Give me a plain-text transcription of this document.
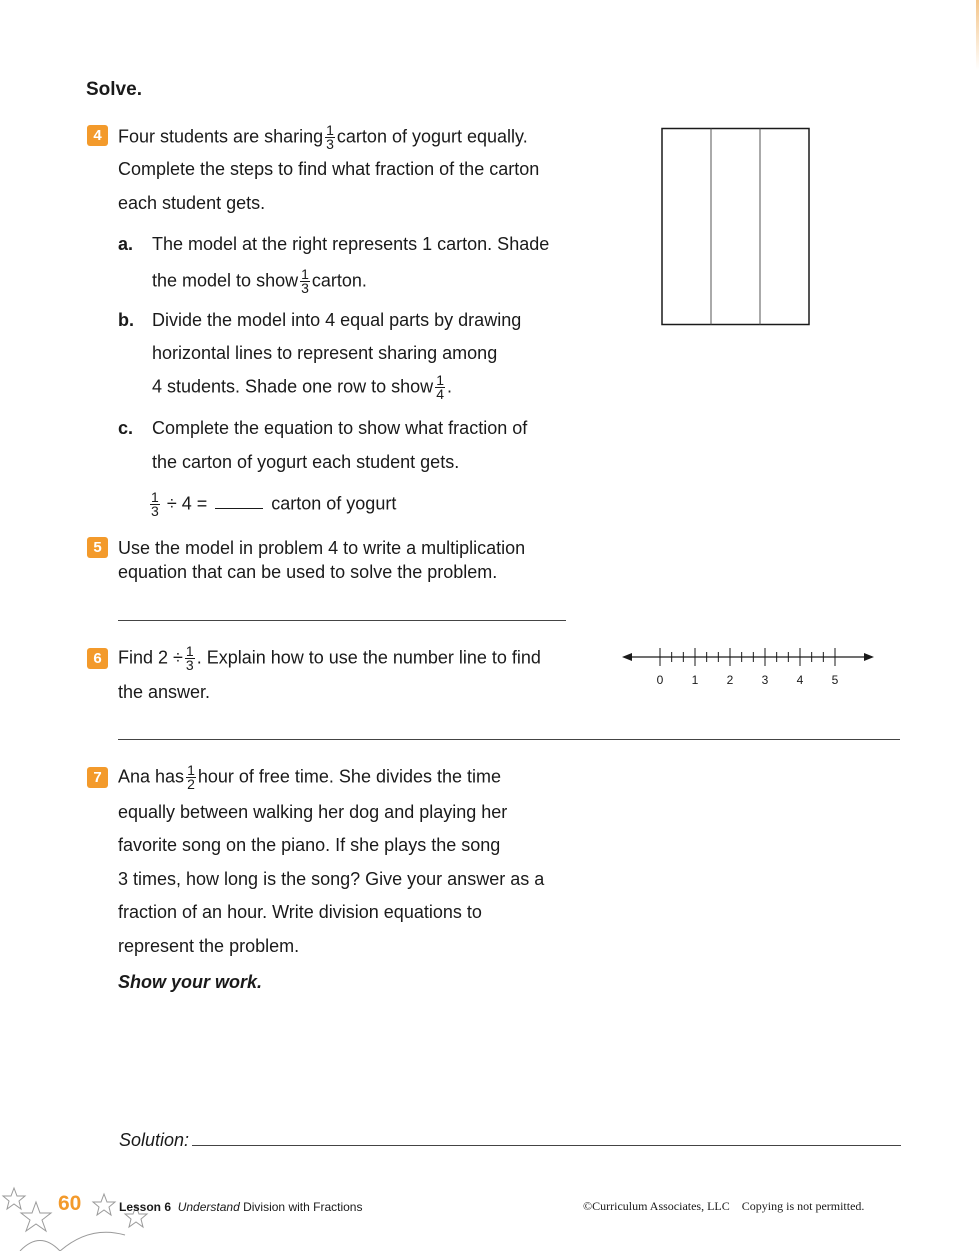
Solve.
4 Four students are sharing $\frac{1}{3}$ carton of yogurt equally.
Complete the steps to find what fraction of the carton
each student gets.
a. The model at the right represents 1 carton. Shade
the model to show $\frac{1}{3}$ carton.
b. Divide the model into 4 equal parts by drawing
horizontal lines to represent sharing among
4 students. Shade one row to show $\frac{1}{4}$ .
c. Complete the equation to show what fraction of
the carton of yogurt each student gets.
$\frac{1}{3} \div 4$ =	carton of yogurt
5 Use the model in problem 4 to write a multiplication
equation that can be used to solve the problem.
6 Find $2 \div \frac{1}{3}$ . Explain how to use the number line to find
the answer.
0 1 2 3 4 5
7 Ana has $\frac{1}{2}$ hour of free time. She divides the time
equally between walking her dog and playing her
favorite song on the piano. If she plays the song
3 times, how long is the song? Give your answer as a
fraction of an hour. Write division equations to
represent the problem.
Show your work.
Solution:
60	Lesson 6 Understand Division with Fractions	©Curriculum Associates, LLC Copying is not permitted.
